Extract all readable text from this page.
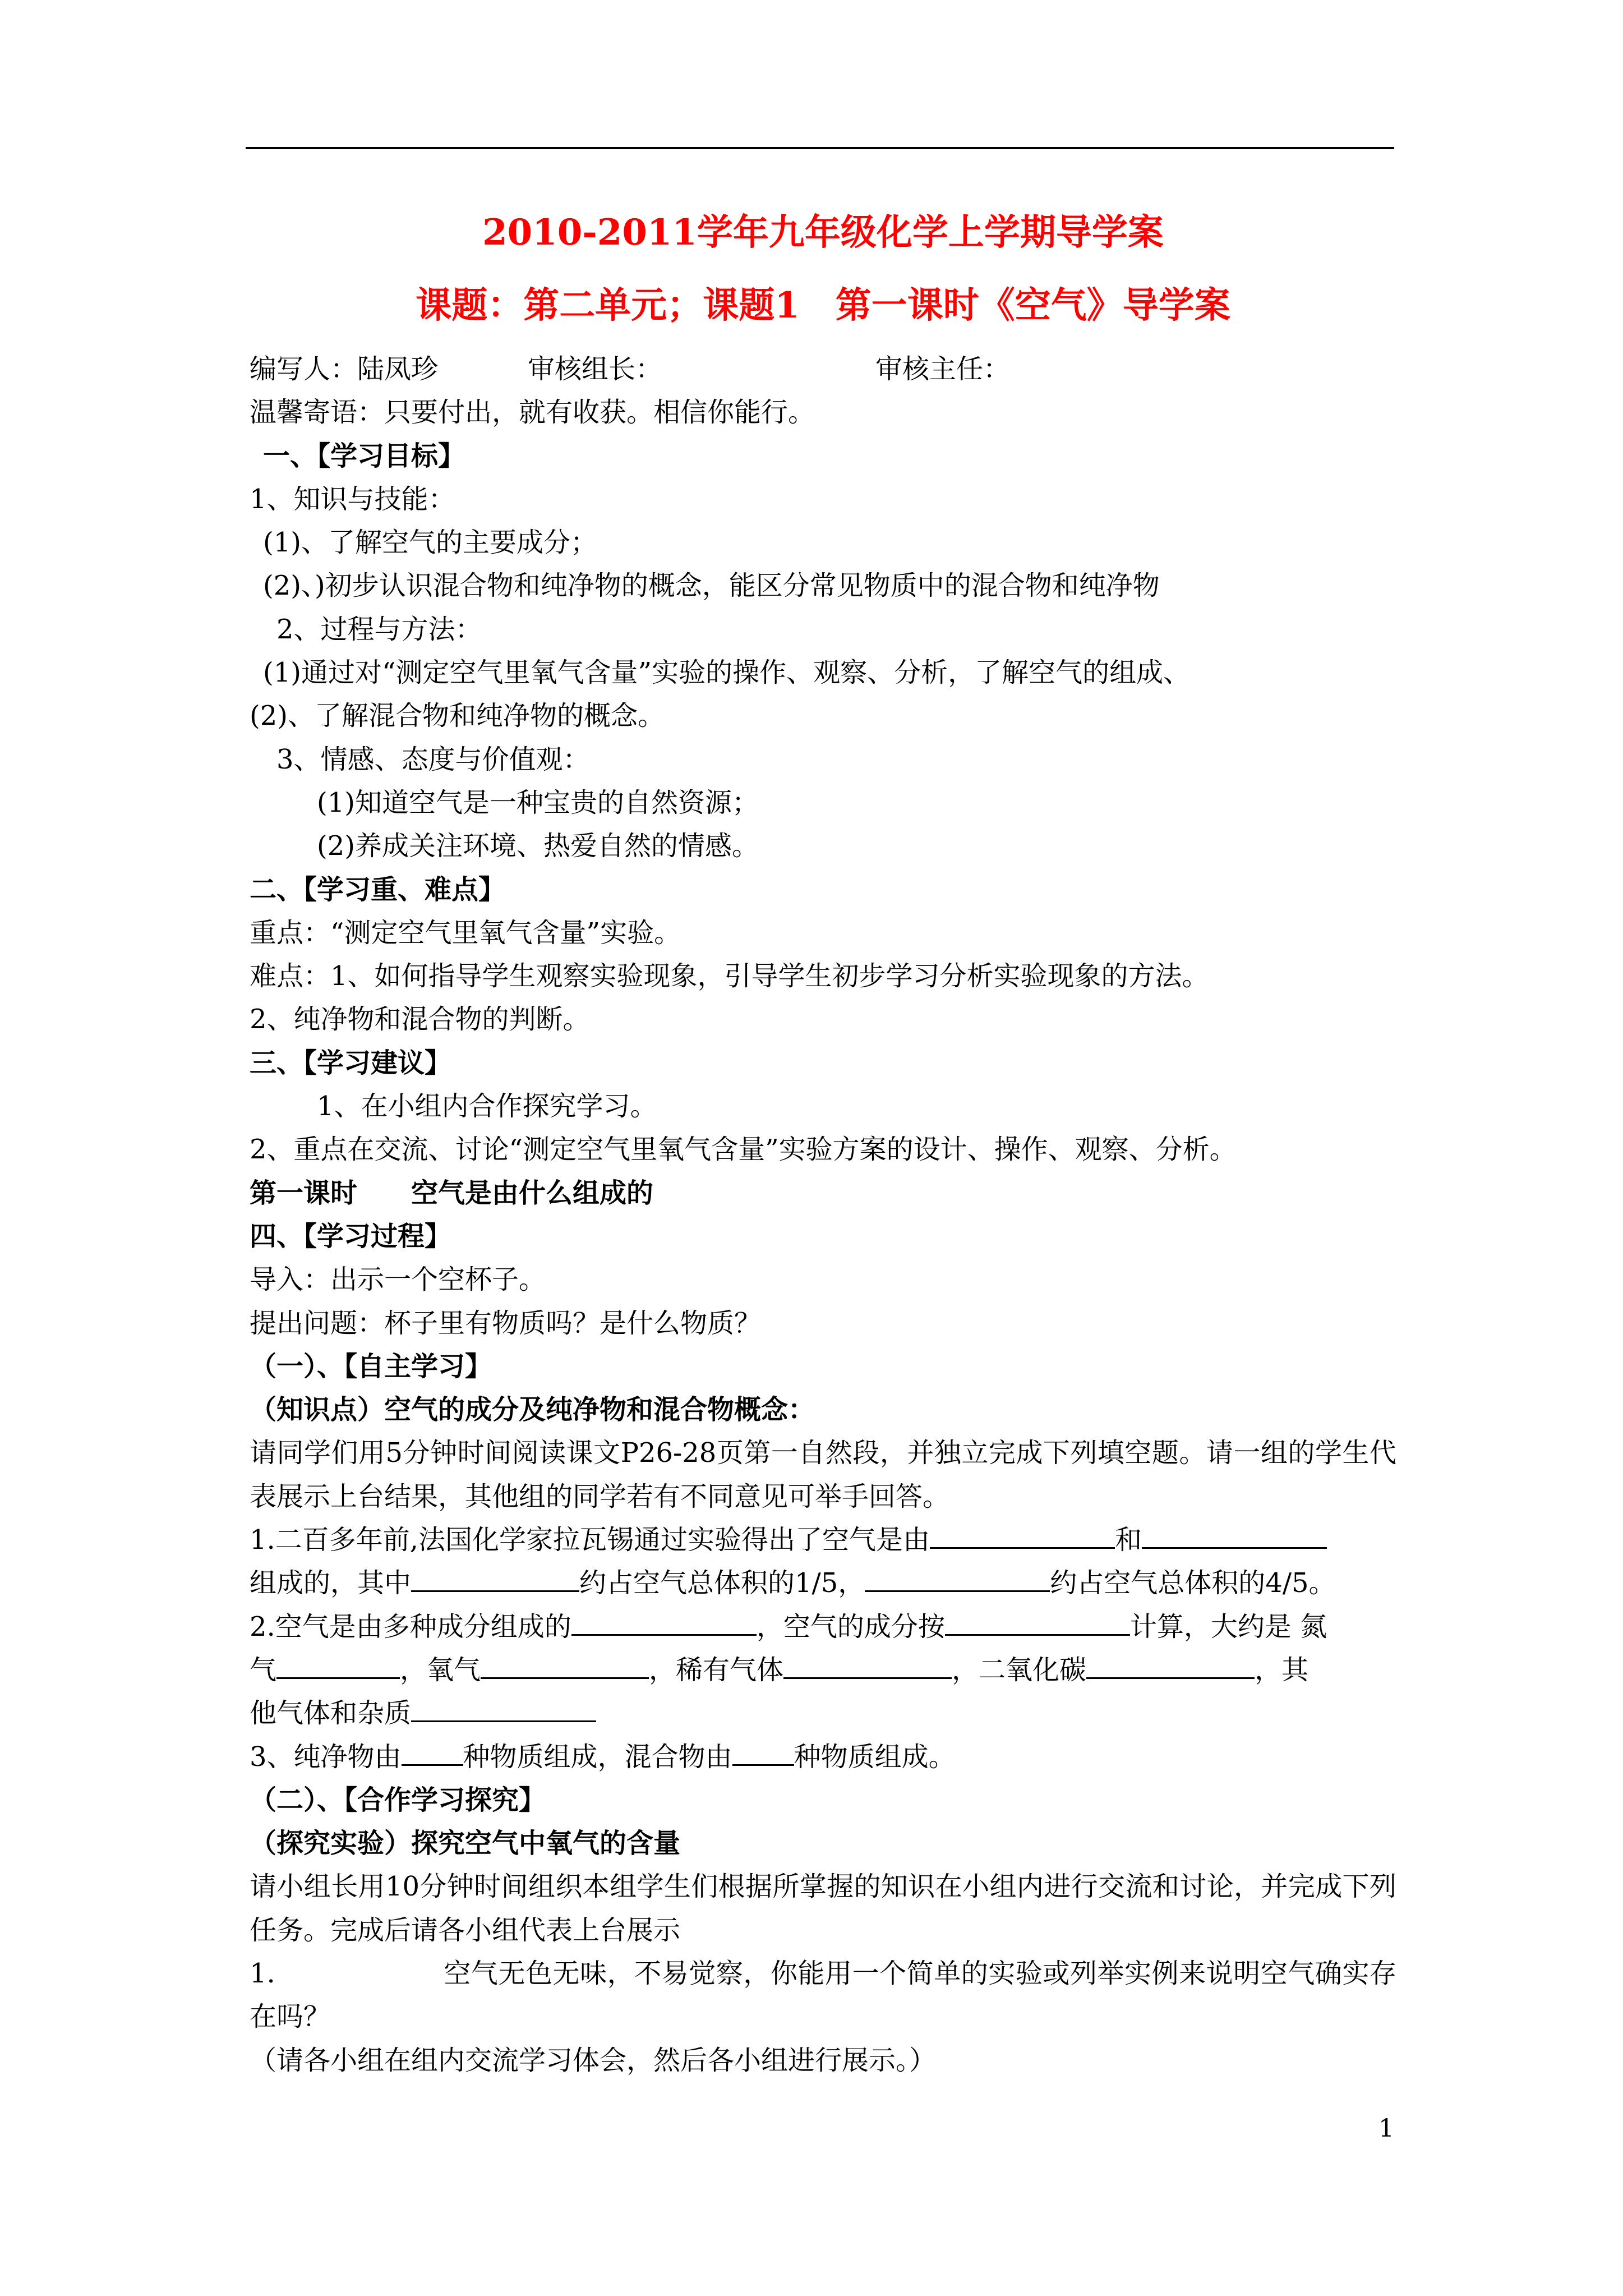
2010-2011学年九年级化学上学期导学案

课题：第二单元；课题1　第一课时《空气》导学案

编写人：陆凤珍	审核组长：	审核主任：

温馨寄语：只要付出，就有收获。相信你能行。

一、【学习目标】

1、知识与技能：

(1)、了解空气的主要成分；

(2)、)初步认识混合物和纯净物的概念，能区分常见物质中的混合物和纯净物

2、过程与方法：

(1)通过对“测定空气里氧气含量”实验的操作、观察、分析，了解空气的组成、

(2)、了解混合物和纯净物的概念。

3、情感、态度与价值观：

(1)知道空气是一种宝贵的自然资源；

(2)养成关注环境、热爱自然的情感。

二、【学习重、难点】

重点：“测定空气里氧气含量”实验。

难点：1、如何指导学生观察实验现象，引导学生初步学习分析实验现象的方法。

2、纯净物和混合物的判断。

三、【学习建议】

1、在小组内合作探究学习。

2、重点在交流、讨论“测定空气里氧气含量”实验方案的设计、操作、观察、分析。

第一课时　　空气是由什么组成的

四、【学习过程】

导入：出示一个空杯子。

提出问题：杯子里有物质吗？是什么物质？

（一）、【自主学习】

（知识点）空气的成分及纯净物和混合物概念：

请同学们用5分钟时间阅读课文P26-28页第一自然段，并独立完成下列填空题。请一组的学生代表展示上台结果，其他组的同学若有不同意见可举手回答。

1.二百多年前,法国化学家拉瓦锡通过实验得出了空气是由	和

组成的，其中	约占空气总体积的1/5，	约占空气总体积的4/5。

2.空气是由多种成分组成的	，空气的成分按	计算，大约是 氮

气	，氧气	，稀有气体	，二氧化碳	，其

他气体和杂质

3、纯净物由 种物质组成，混合物由 种物质组成。

（二）、【合作学习探究】

（探究实验）探究空气中氧气的含量

请小组长用10分钟时间组织本组学生们根据所掌握的知识在小组内进行交流和讨论，并完成下列任务。完成后请各小组代表上台展示

1.	空气无色无味，不易觉察，你能用一个简单的实验或列举实例来说明空气确实存在吗？

（请各小组在组内交流学习体会，然后各小组进行展示。）

1
